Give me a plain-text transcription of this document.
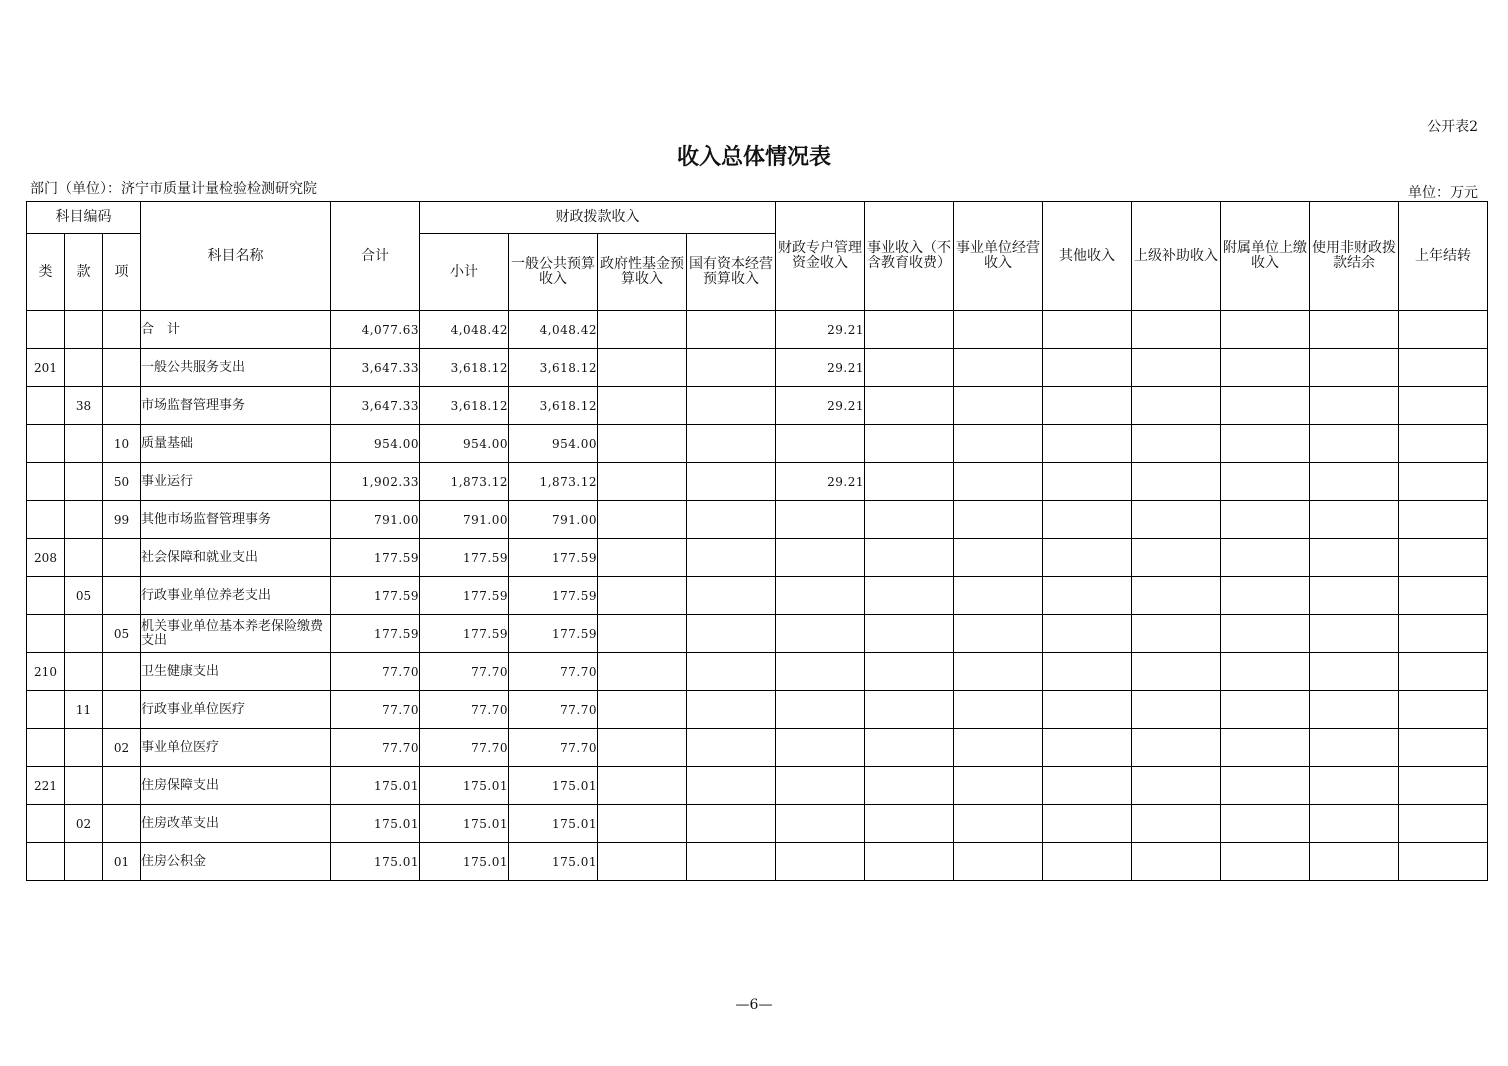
公开表2
收入总体情况表
部门（单位）：济宁市质量计量检验检测研究院	单位：万元
科目编码			科目名称	合计	财政拨款收入				财政专户管理资金收入	事业收入（不含教育收费）	事业单位经营收入	其他收入	上级补助收入	附属单位上缴收入	使用非财政拨款结余	上年结转
类	款	项			小计	一般公共预算收入	政府性基金预算收入	国有资本经营预算收入								
			合　计	4,077.63	4,048.42	4,048.42			29.21							
201			一般公共服务支出	3,647.33	3,618.12	3,618.12			29.21							
	38		市场监督管理事务	3,647.33	3,618.12	3,618.12			29.21							
		10	质量基础	954.00	954.00	954.00										
		50	事业运行	1,902.33	1,873.12	1,873.12			29.21							
		99	其他市场监督管理事务	791.00	791.00	791.00										
208			社会保障和就业支出	177.59	177.59	177.59										
	05		行政事业单位养老支出	177.59	177.59	177.59										
		05	机关事业单位基本养老保险缴费支出	177.59	177.59	177.59										
210			卫生健康支出	77.70	77.70	77.70										
	11		行政事业单位医疗	77.70	77.70	77.70										
		02	事业单位医疗	77.70	77.70	77.70										
221			住房保障支出	175.01	175.01	175.01										
	02		住房改革支出	175.01	175.01	175.01										
		01	住房公积金	175.01	175.01	175.01										
—6—
